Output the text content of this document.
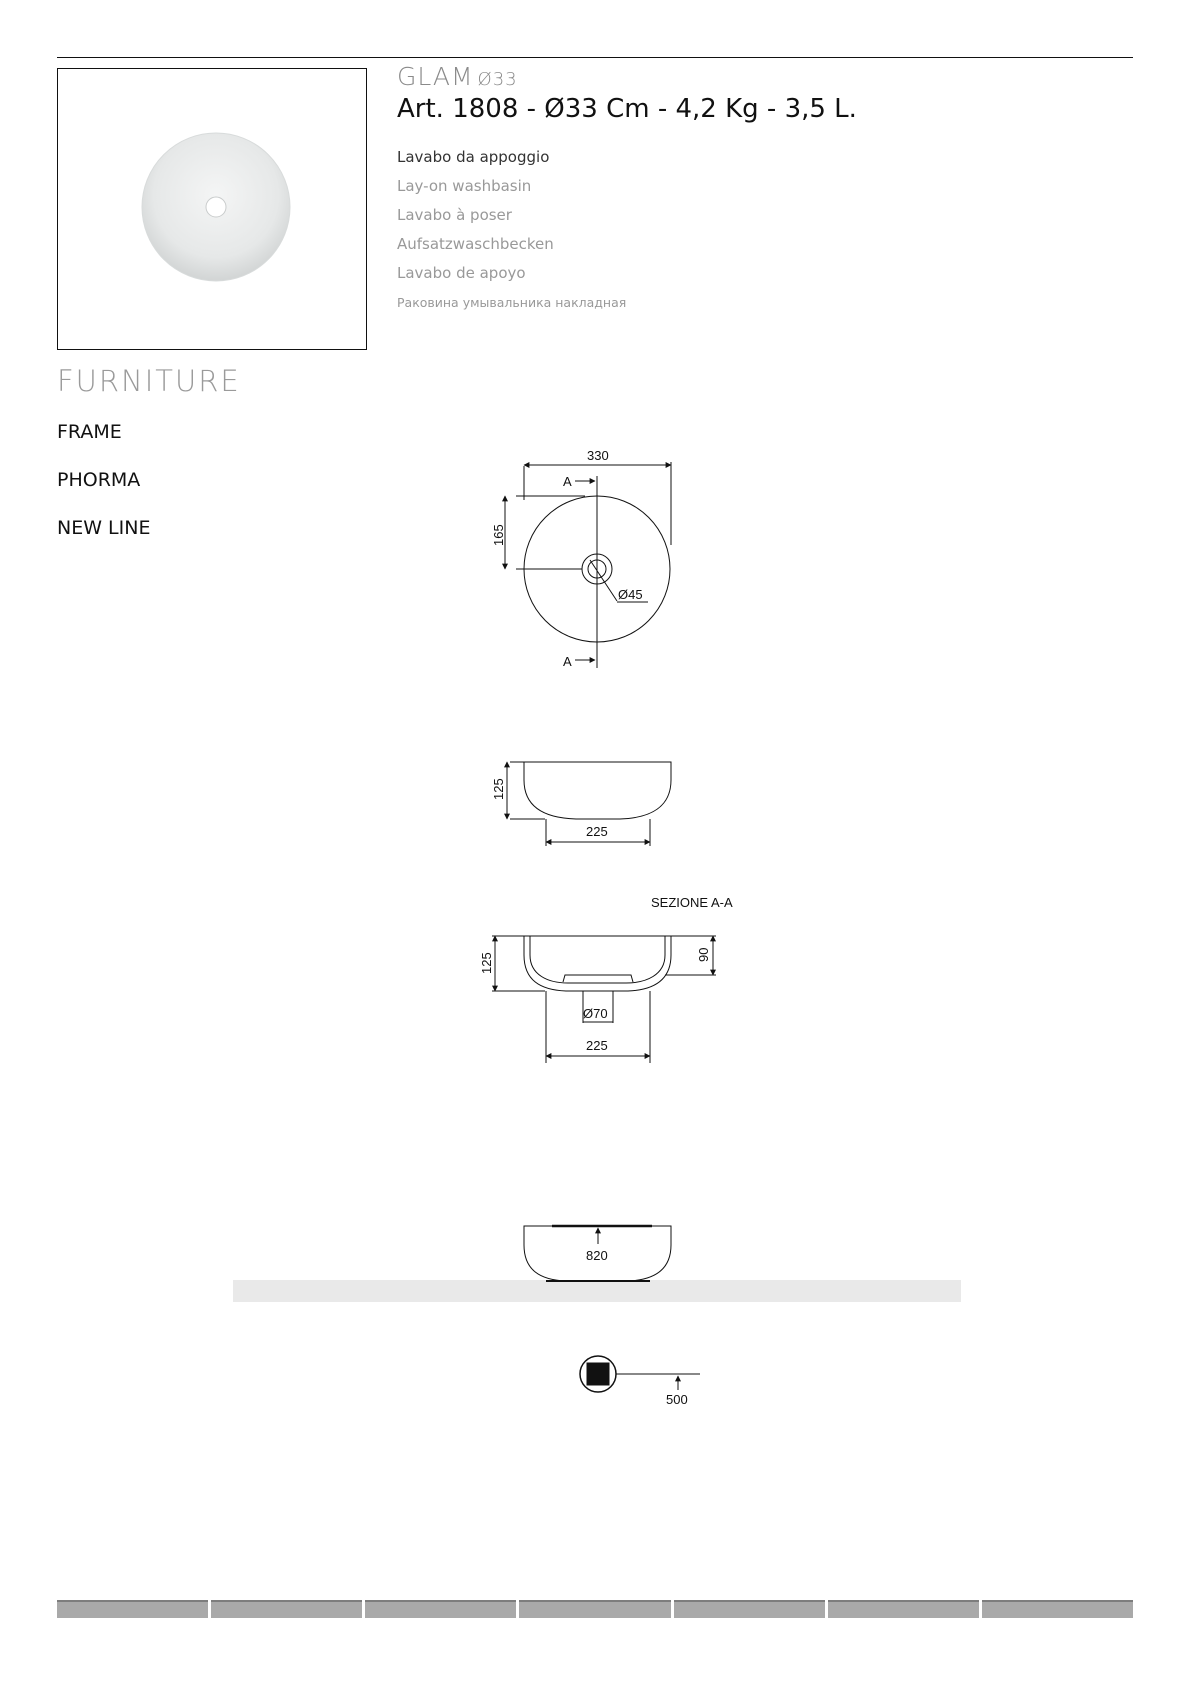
GLAM Ø33
Art. 1808 - Ø33 Cm - 4,2 Kg - 3,5 L.
Lavabo da appoggio
Lay-on washbasin
Lavabo à poser
Aufsatzwaschbecken
Lavabo de apoyo
Раковина умывальника накладная
FURNITURE
FRAME
PHORMA
NEW LINE
330
A
A
Ø45
165
225
125
SEZIONE A-A
Ø70
225
125	90
820
500
